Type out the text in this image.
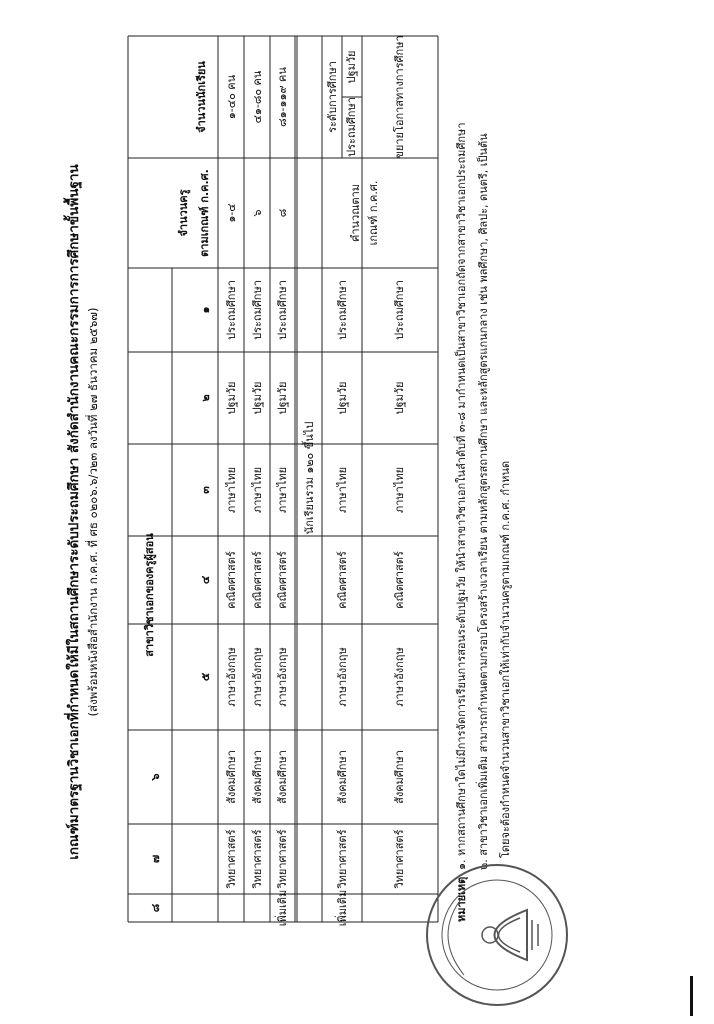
เกณฑ์มาตรฐานวิชาเอกที่กำหนดให้มีในสถานศึกษาระดับประถมศึกษา สังกัดสำนักงานคณะกรรมการการศึกษาขั้นพื้นฐาน (ส่งพร้อมหนังสือสำนักงาน ก.ค.ศ. ที่ ศธ ๐๒๐๖.๖/ว๒๓ ลงวันที่ ๒๗ ธันวาคม ๒๕๖๗)
จำนวนนักเรียน
จำนวนครู ตามเกณฑ์ ก.ค.ศ.
สาขาวิชาเอกของครูผู้สอน
๑
๒
๓
๔
๕
๖
๗
๘
๑-๔๐ คน
๑-๔
ประถมศึกษา
ปฐมวัย
ภาษาไทย
คณิตศาสตร์
ภาษาอังกฤษ
สังคมศึกษา
วิทยาศาสตร์
๔๑-๘๐ คน
๖
ประถมศึกษา
ปฐมวัย
ภาษาไทย
คณิตศาสตร์
ภาษาอังกฤษ
สังคมศึกษา
วิทยาศาสตร์
๘๑-๑๑๙ คน
๘
ประถมศึกษา
ปฐมวัย
ภาษาไทย
คณิตศาสตร์
ภาษาอังกฤษ
สังคมศึกษา
วิทยาศาสตร์
เพิ่มเติม
นักเรียนรวม ๑๒๐ ขึ้นไป
ระดับการศึกษา ปฐมวัย
ประถมศึกษา
คำนวณตาม เกณฑ์ ก.ค.ศ.
ขยายโอกาสทางการศึกษา
ประถมศึกษา
ปฐมวัย
ภาษาไทย
คณิตศาสตร์
ภาษาอังกฤษ
สังคมศึกษา
วิทยาศาสตร์
เพิ่มเติม
ประถมศึกษา
ปฐมวัย
ภาษาไทย
คณิตศาสตร์
ภาษาอังกฤษ
สังคมศึกษา
วิทยาศาสตร์
หมายเหตุ
๑. หากสถานศึกษาใดไม่มีการจัดการเรียนการสอนระดับปฐมวัย ให้นำสาขาวิชาเอกในลำดับที่ ๓-๘ มากำหนดเป็นสาขาวิชาเอกถัดจากสาขาวิชาเอกประถมศึกษา ๒. สาขาวิชาเอกเพิ่มเติม สามารถกำหนดตามกรอบโครงสร้างเวลาเรียน ตามหลักสูตรสถานศึกษา และหลักสูตรแกนกลาง เช่น พลศึกษา, ศิลปะ, ดนตรี, เป็นต้น โดยจะต้องกำหนดจำนวนสาขาวิชาเอกให้เท่ากับจำนวนครูตามเกณฑ์ ก.ค.ศ. กำหนด
